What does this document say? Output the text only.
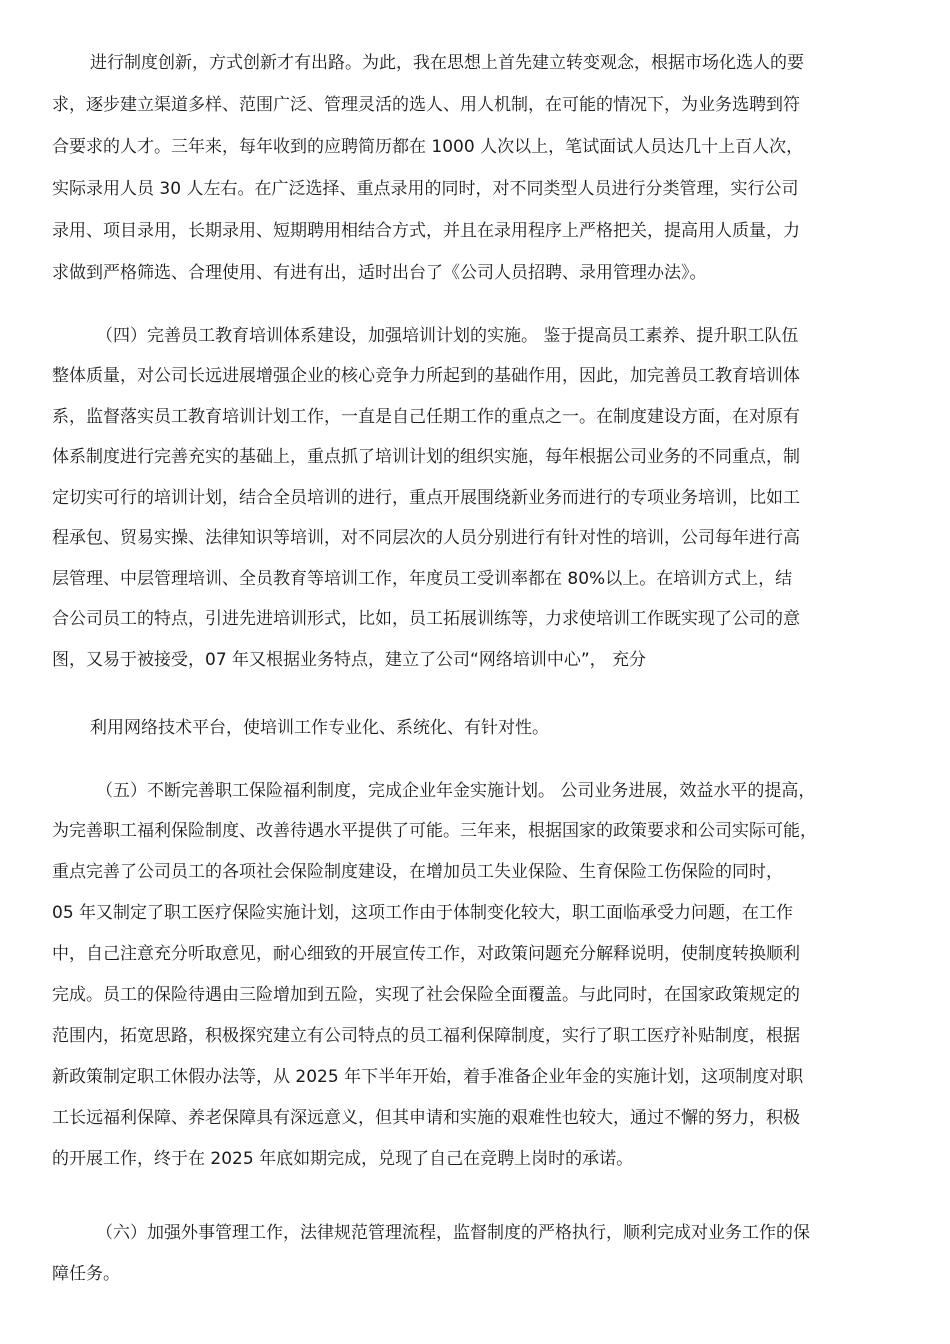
进行制度创新，方式创新才有出路。为此，我在思想上首先建立转变观念，根据市场化选人的要
求，逐步建立渠道多样、范围广泛、管理灵活的选人、用人机制，在可能的情况下，为业务选聘到符
合要求的人才。三年来，每年收到的应聘简历都在 1000 人次以上，笔试面试人员达几十上百人次，
实际录用人员 30 人左右。在广泛选择、重点录用的同时，对不同类型人员进行分类管理，实行公司
录用、项目录用，长期录用、短期聘用相结合方式，并且在录用程序上严格把关，提高用人质量，力
求做到严格筛选、合理使用、有进有出，适时出台了《公司人员招聘、录用管理办法》。
（四）完善员工教育培训体系建设，加强培训计划的实施。 鉴于提高员工素养、提升职工队伍
整体质量，对公司长远进展增强企业的核心竞争力所起到的基础作用，因此，加完善员工教育培训体
系，监督落实员工教育培训计划工作，一直是自己任期工作的重点之一。在制度建设方面，在对原有
体系制度进行完善充实的基础上，重点抓了培训计划的组织实施，每年根据公司业务的不同重点，制
定切实可行的培训计划，结合全员培训的进行，重点开展围绕新业务而进行的专项业务培训，比如工
程承包、贸易实操、法律知识等培训，对不同层次的人员分别进行有针对性的培训，公司每年进行高
层管理、中层管理培训、全员教育等培训工作，年度员工受训率都在 80%以上。在培训方式上，结
合公司员工的特点，引进先进培训形式，比如，员工拓展训练等，力求使培训工作既实现了公司的意
图，又易于被接受，07 年又根据业务特点，建立了公司“网络培训中心”， 充分
利用网络技术平台，使培训工作专业化、系统化、有针对性。
（五）不断完善职工保险福利制度，完成企业年金实施计划。 公司业务进展，效益水平的提高，
为完善职工福利保险制度、改善待遇水平提供了可能。三年来，根据国家的政策要求和公司实际可能，
重点完善了公司员工的各项社会保险制度建设，在增加员工失业保险、生育保险工伤保险的同时，
05 年又制定了职工医疗保险实施计划，这项工作由于体制变化较大，职工面临承受力问题，在工作
中，自己注意充分听取意见，耐心细致的开展宣传工作，对政策问题充分解释说明，使制度转换顺利
完成。员工的保险待遇由三险增加到五险，实现了社会保险全面覆盖。与此同时，在国家政策规定的
范围内，拓宽思路，积极探究建立有公司特点的员工福利保障制度，实行了职工医疗补贴制度，根据
新政策制定职工休假办法等，从 2025 年下半年开始，着手准备企业年金的实施计划，这项制度对职
工长远福利保障、养老保障具有深远意义，但其申请和实施的艰难性也较大，通过不懈的努力，积极
的开展工作，终于在 2025 年底如期完成，兑现了自己在竞聘上岗时的承诺。
（六）加强外事管理工作，法律规范管理流程，监督制度的严格执行，顺利完成对业务工作的保
障任务。
